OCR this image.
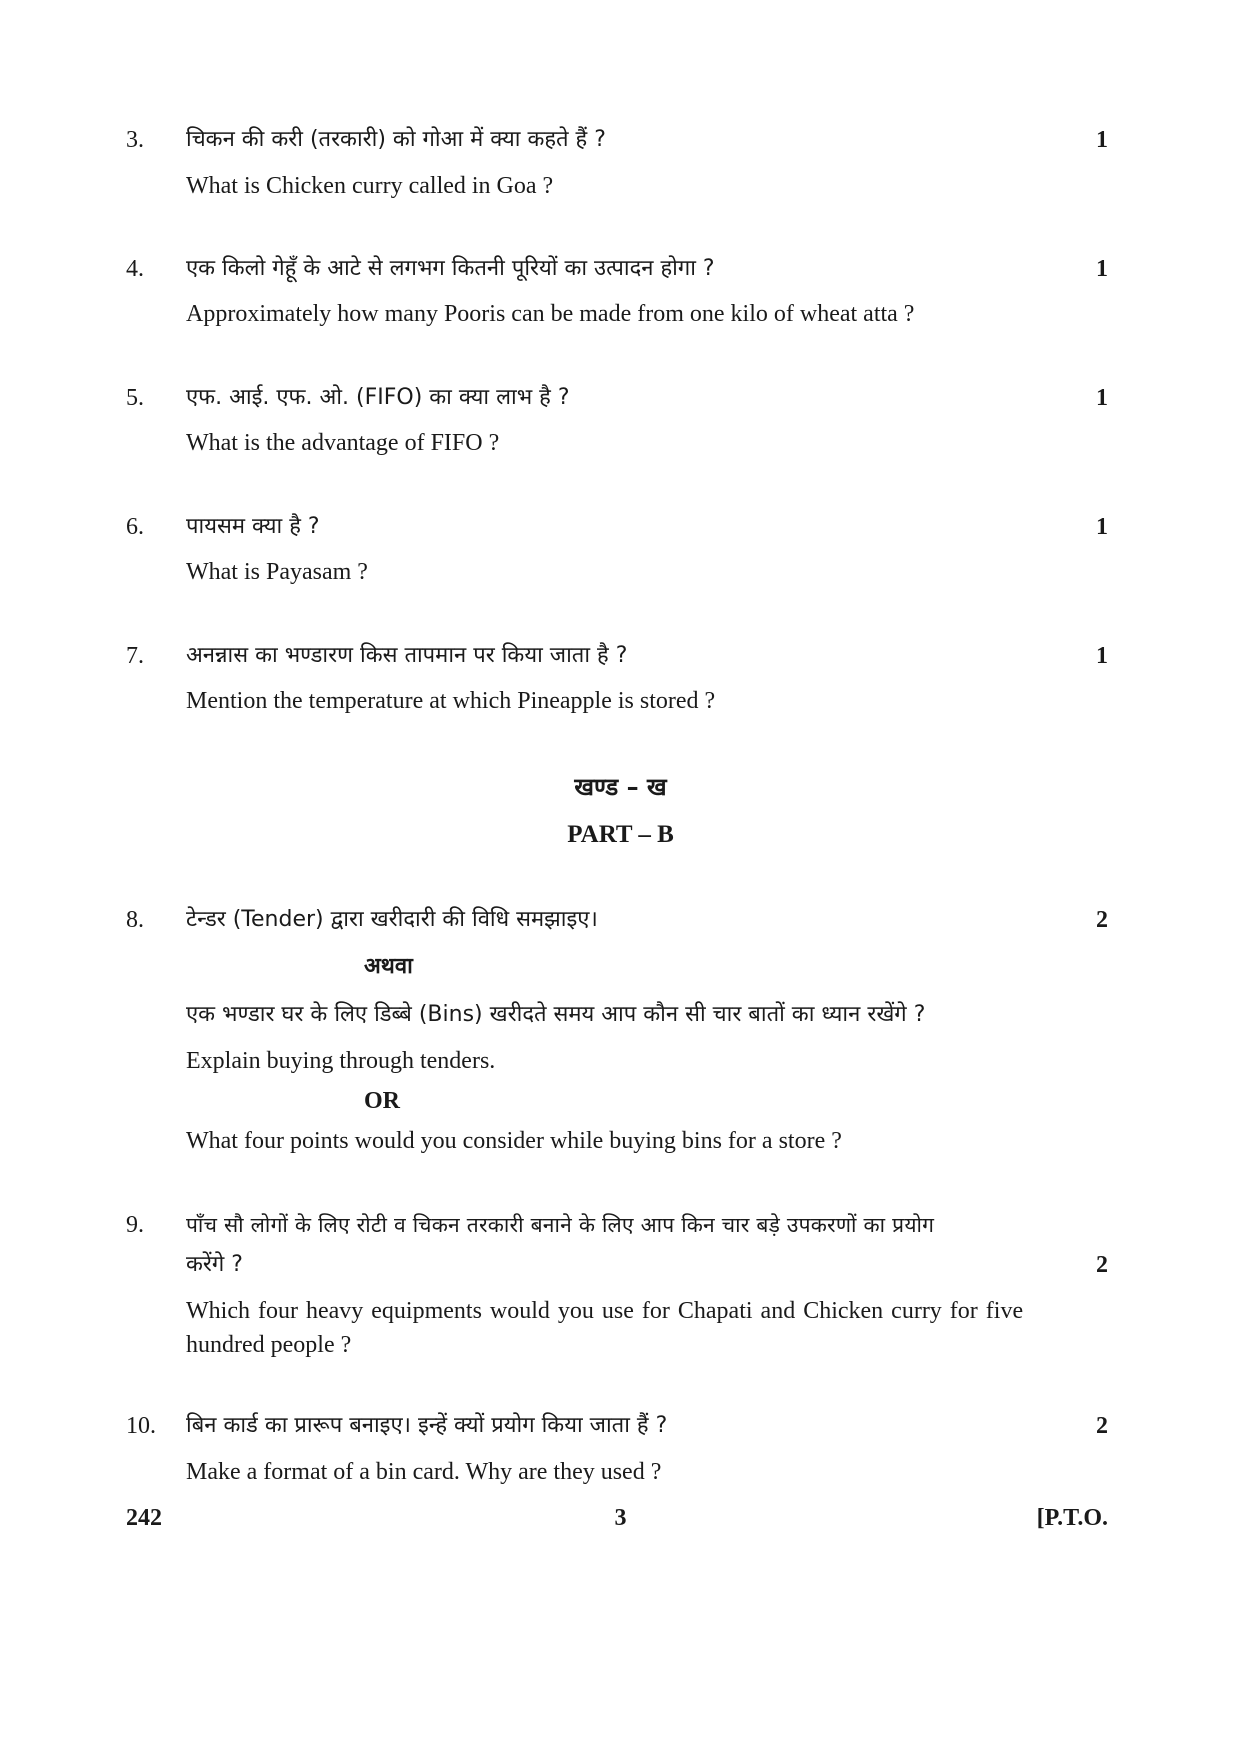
3. चिकन की करी (तरकारी) को गोआ में क्या कहते हैं ?	1
What is Chicken curry called in Goa ?
4. एक किलो गेहूँ के आटे से लगभग कितनी पूरियों का उत्पादन होगा ?	1
Approximately how many Pooris can be made from one kilo of wheat atta ?
5. एफ. आई. एफ. ओ. (FIFO) का क्या लाभ है ?	1
What is the advantage of FIFO ?
6. पायसम क्या है ?	1
What is Payasam ?
7. अनन्नास का भण्डारण किस तापमान पर किया जाता है ?	1
Mention the temperature at which Pineapple is stored ?
खण्ड – ख
PART – B
8. टेन्डर (Tender) द्वारा खरीदारी की विधि समझाइए।	2
अथवा
एक भण्डार घर के लिए डिब्बे (Bins) खरीदते समय आप कौन सी चार बातों का ध्यान रखेंगे ?
Explain buying through tenders.
OR
What four points would you consider while buying bins for a store ?
9. पाँच सौ लोगों के लिए रोटी व चिकन तरकारी बनाने के लिए आप किन चार बड़े उपकरणों का प्रयोग
करेंगे ?	2
Which four heavy equipments would you use for Chapati and Chicken curry for five
hundred people ?
10. बिन कार्ड का प्रारूप बनाइए। इन्हें क्यों प्रयोग किया जाता हैं ?	2
Make a format of a bin card. Why are they used ?
242	3	[P.T.O.
